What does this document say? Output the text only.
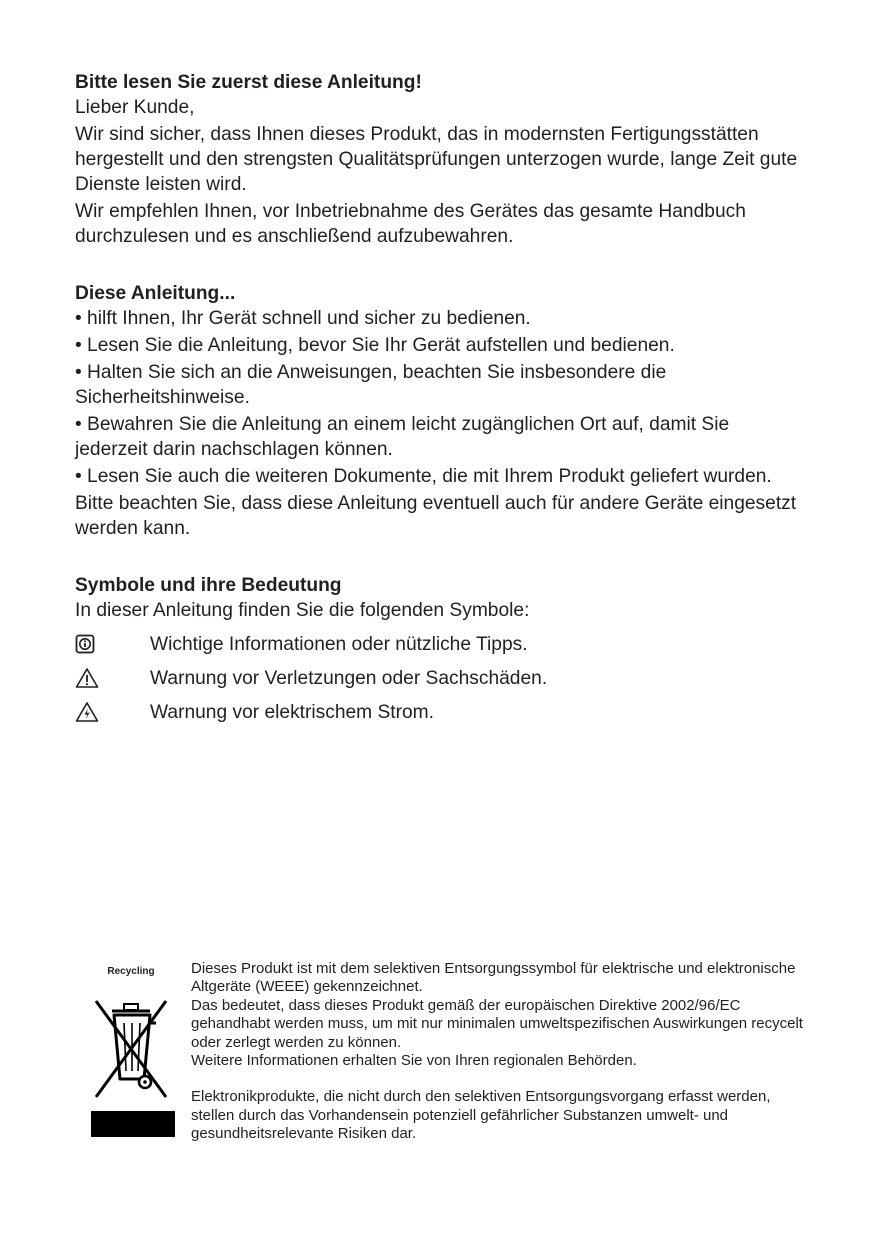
Bitte lesen Sie zuerst diese Anleitung!

Lieber Kunde,

Wir sind sicher, dass Ihnen dieses Produkt, das in modernsten Fertigungsstätten hergestellt und den strengsten Qualitätsprüfungen unterzogen wurde, lange Zeit gute Dienste leisten wird.

Wir empfehlen Ihnen, vor Inbetriebnahme des Gerätes das gesamte Handbuch durchzulesen und es anschließend aufzubewahren.

Diese Anleitung...

• hilft Ihnen, Ihr Gerät schnell und sicher zu bedienen.

• Lesen Sie die Anleitung, bevor Sie Ihr Gerät aufstellen und bedienen.

• Halten Sie sich an die Anweisungen, beachten Sie insbesondere die Sicherheitshinweise.

• Bewahren Sie die Anleitung an einem leicht zugänglichen Ort auf, damit Sie jederzeit darin nachschlagen können.

• Lesen Sie auch die weiteren Dokumente, die mit Ihrem Produkt geliefert wurden.

Bitte beachten Sie, dass diese Anleitung eventuell auch für andere Geräte eingesetzt werden kann.

Symbole und ihre Bedeutung

In dieser Anleitung finden Sie die folgenden Symbole:

Wichtige Informationen oder nützliche Tipps.
Warnung vor Verletzungen oder Sachschäden.
Warnung vor elektrischem Strom.
Recycling	Dieses Produkt ist mit dem selektiven Entsorgungssymbol für elektrische und elektronische Altgeräte (WEEE) gekennzeichnet.

Das bedeutet, dass dieses Produkt gemäß der europäischen Direktive 2002/96/EC gehandhabt werden muss, um mit nur minimalen umweltspezifischen Auswirkungen recycelt oder zerlegt werden zu können.

Weitere Informationen erhalten Sie von Ihren regionalen Behörden.

Elektronikprodukte, die nicht durch den selektiven Entsorgungsvorgang erfasst werden, stellen durch das Vorhandensein potenziell gefährlicher Substanzen umwelt- und gesundheitsrelevante Risiken dar.
